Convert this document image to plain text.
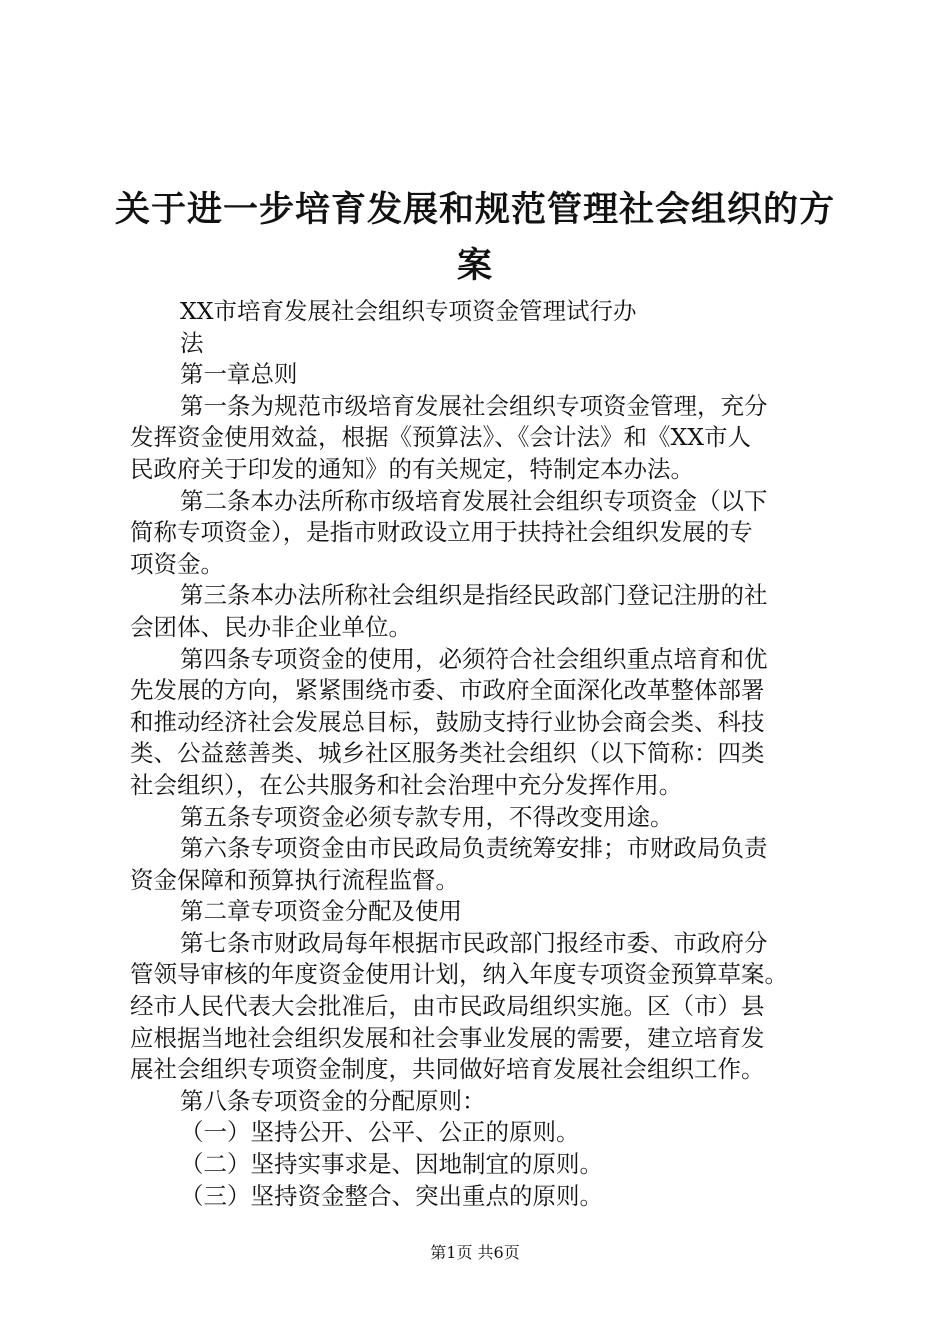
关于进一步培育发展和规范管理社会组织的方
案
XX市培育发展社会组织专项资金管理试行办
法
第一章总则
第一条为规范市级培育发展社会组织专项资金管理，充分
发挥资金使用效益，根据《预算法》、《会计法》和《XX市人
民政府关于印发的通知》的有关规定，特制定本办法。
第二条本办法所称市级培育发展社会组织专项资金（以下
简称专项资金），是指市财政设立用于扶持社会组织发展的专
项资金。
第三条本办法所称社会组织是指经民政部门登记注册的社
会团体、民办非企业单位。
第四条专项资金的使用，必须符合社会组织重点培育和优
先发展的方向，紧紧围绕市委、市政府全面深化改革整体部署
和推动经济社会发展总目标，鼓励支持行业协会商会类、科技
类、公益慈善类、城乡社区服务类社会组织（以下简称：四类
社会组织），在公共服务和社会治理中充分发挥作用。
第五条专项资金必须专款专用，不得改变用途。
第六条专项资金由市民政局负责统筹安排；市财政局负责
资金保障和预算执行流程监督。
第二章专项资金分配及使用
第七条市财政局每年根据市民政部门报经市委、市政府分
管领导审核的年度资金使用计划，纳入年度专项资金预算草案。
经市人民代表大会批准后，由市民政局组织实施。区（市）县
应根据当地社会组织发展和社会事业发展的需要，建立培育发
展社会组织专项资金制度，共同做好培育发展社会组织工作。
第八条专项资金的分配原则：
（一）坚持公开、公平、公正的原则。
（二）坚持实事求是、因地制宜的原则。
（三）坚持资金整合、突出重点的原则。
第1页 共6页
